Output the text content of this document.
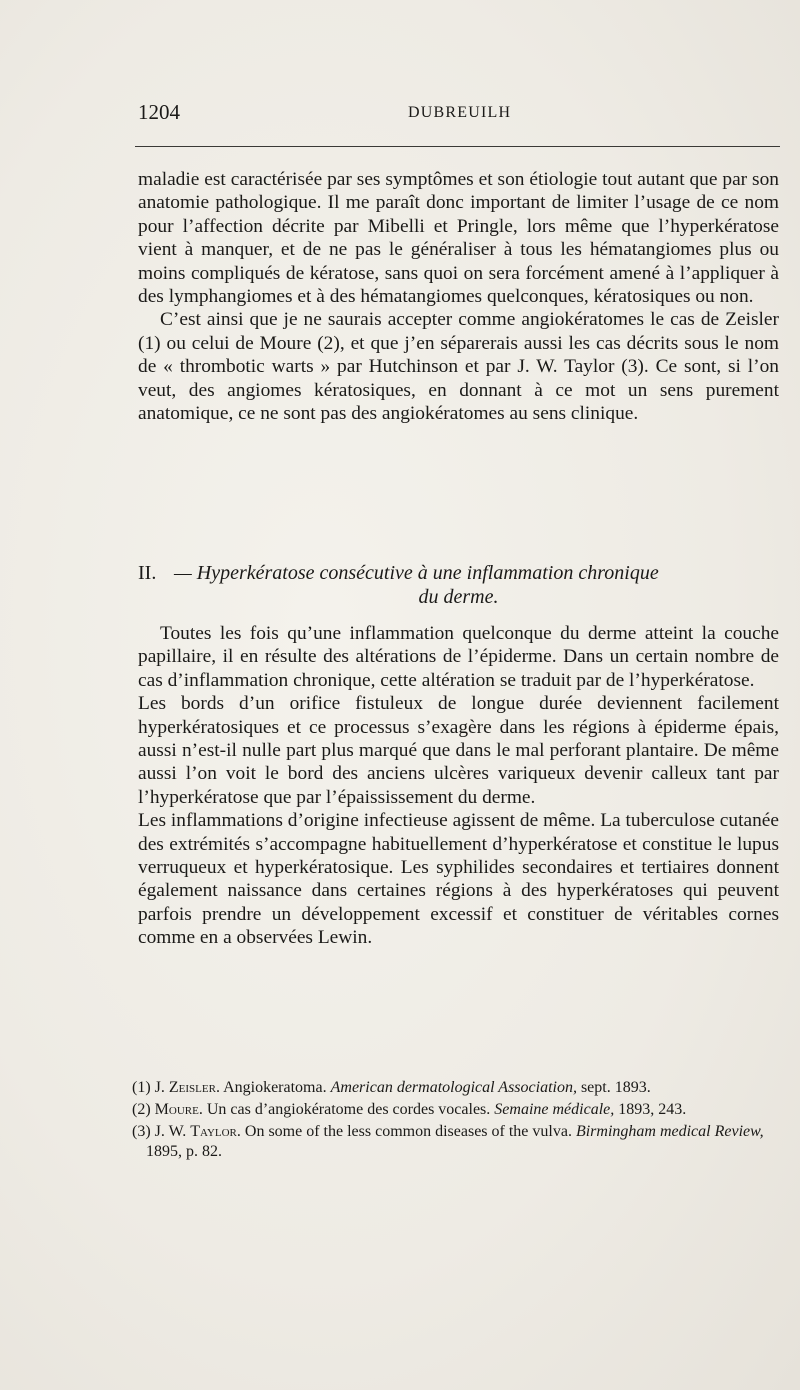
1204	DUBREUILH

maladie est caractérisée par ses symptômes et son étiologie tout autant que par son anatomie pathologique. Il me paraît donc important de limiter l’usage de ce nom pour l’affection décrite par Mibelli et Pringle, lors même que l’hyperkératose vient à manquer, et de ne pas le généraliser à tous les hématangiomes plus ou moins compliqués de kératose, sans quoi on sera forcément amené à l’appliquer à des lymphangiomes et à des hématangiomes quelconques, kératosiques ou non.

C’est ainsi que je ne saurais accepter comme angiokératomes le cas de Zeisler (1) ou celui de Moure (2), et que j’en séparerais aussi les cas décrits sous le nom de « thrombotic warts » par Hutchinson et par J. W. Taylor (3). Ce sont, si l’on veut, des angiomes kératosiques, en donnant à ce mot un sens purement anatomique, ce ne sont pas des angiokératomes au sens clinique.

II. — Hyperkératose consécutive à une inflammation chronique
du derme.

Toutes les fois qu’une inflammation quelconque du derme atteint la couche papillaire, il en résulte des altérations de l’épiderme. Dans un certain nombre de cas d’inflammation chronique, cette altération se traduit par de l’hyperkératose.

Les bords d’un orifice fistuleux de longue durée deviennent facilement hyperkératosiques et ce processus s’exagère dans les régions à épiderme épais, aussi n’est-il nulle part plus marqué que dans le mal perforant plantaire. De même aussi l’on voit le bord des anciens ulcères variqueux devenir calleux tant par l’hyperkératose que par l’épaississement du derme.

Les inflammations d’origine infectieuse agissent de même. La tuberculose cutanée des extrémités s’accompagne habituellement d’hyperkératose et constitue le lupus verruqueux et hyperkératosique. Les syphilides secondaires et tertiaires donnent également naissance dans certaines régions à des hyperkératoses qui peuvent parfois prendre un développement excessif et constituer de véritables cornes comme en a observées Lewin.

(1) J. Zeisler. Angiokeratoma. American dermatological Association, sept. 1893.

(2) Moure. Un cas d’angiokératome des cordes vocales. Semaine médicale, 1893, 243.

(3) J. W. Taylor. On some of the less common diseases of the vulva. Birmingham medical Review, 1895, p. 82.
